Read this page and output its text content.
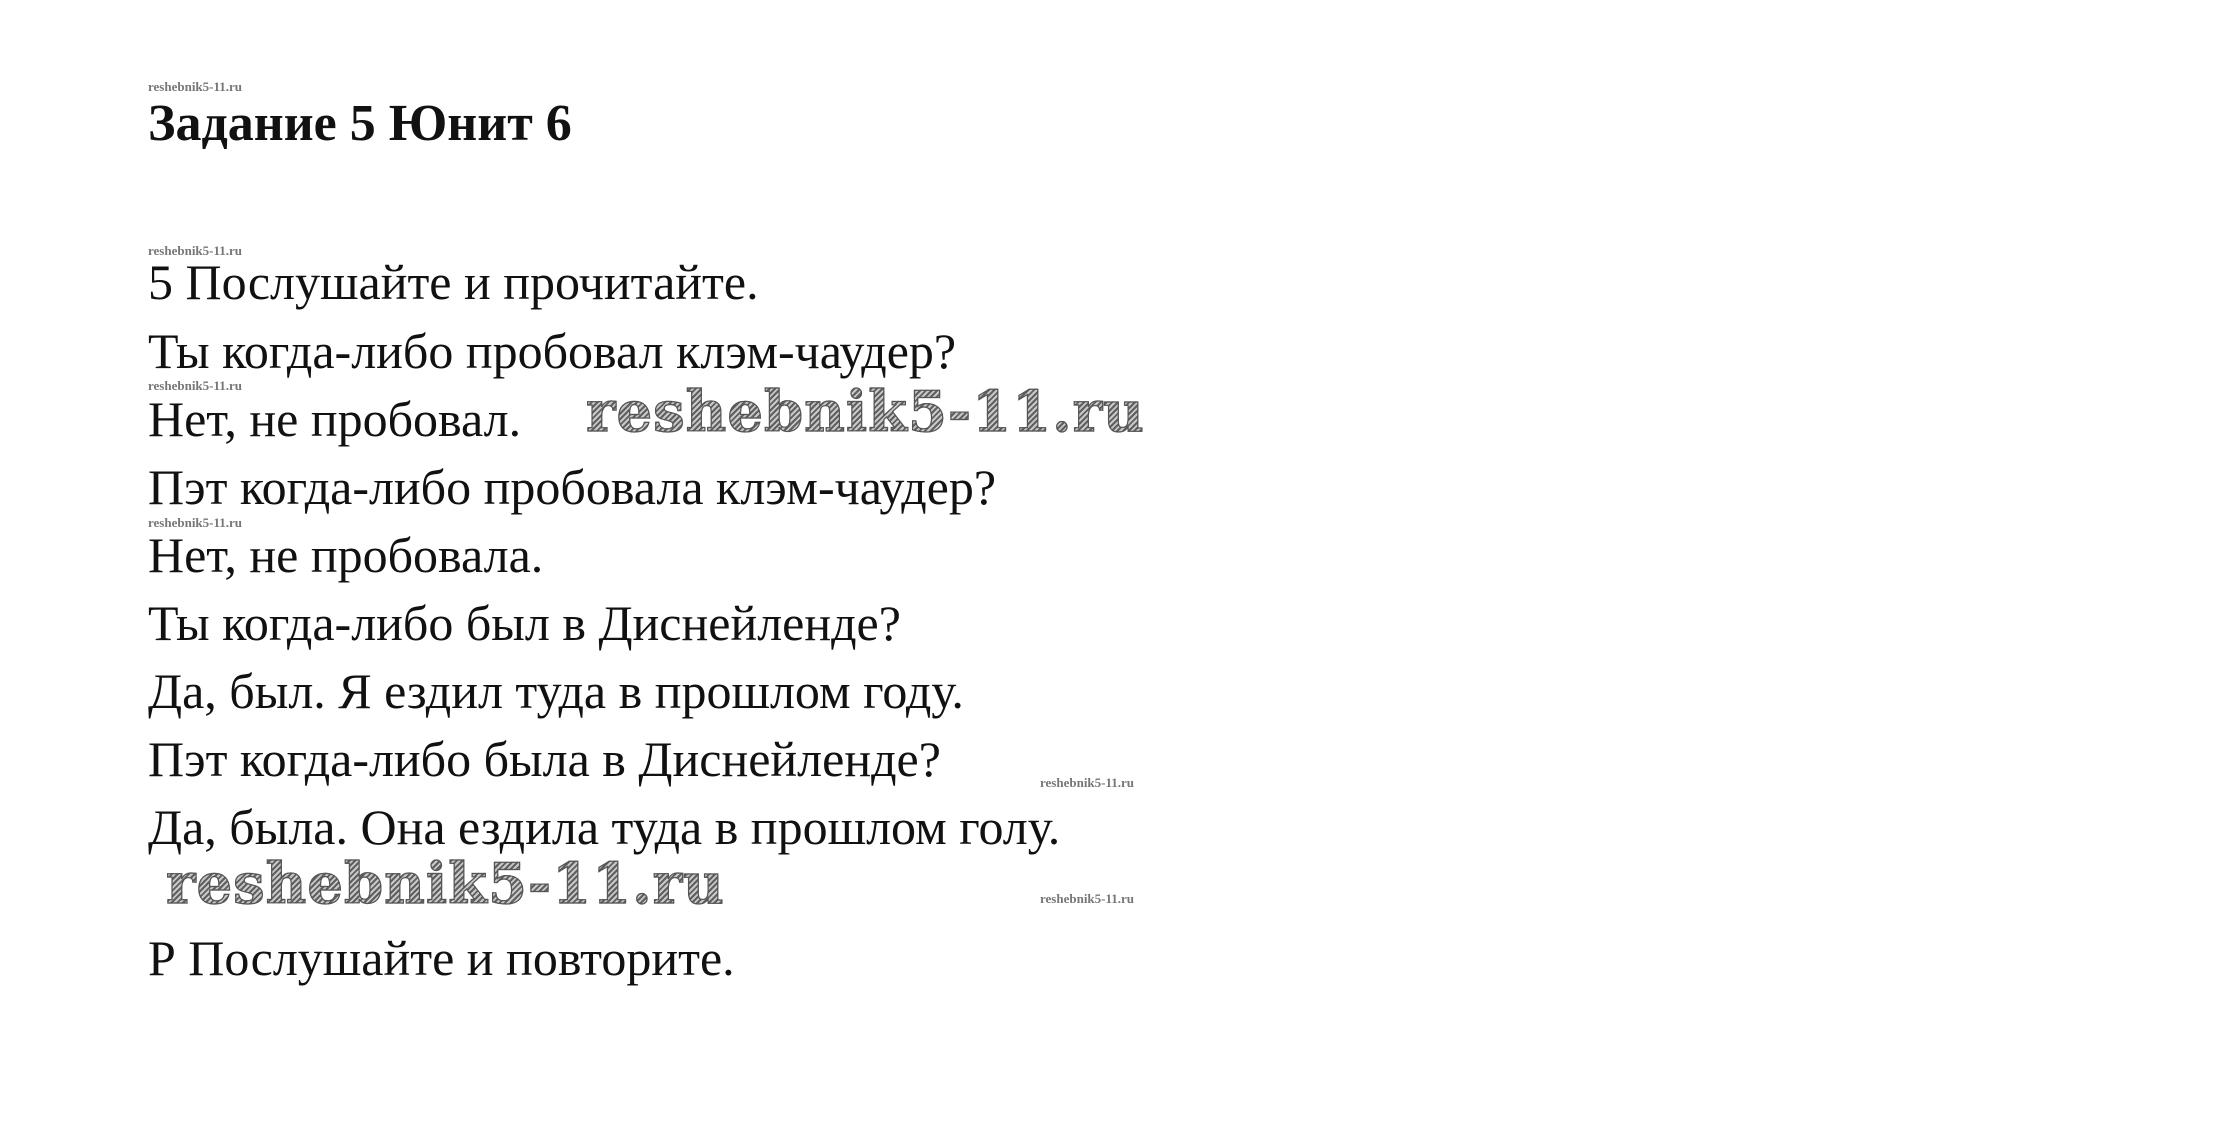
Задание 5 Юнит 6
reshebnik5-11.ru
reshebnik5-11.ru
5 Послушайте и прочитайте.
Ты когда-либо пробовал клэм-чаудер?
reshebnik5-11.ru
Нет, не пробовал. reshebnik5-11.ru
Пэт когда-либо пробовала клэм-чаудер?
reshebnik5-11.ru
Нет, не пробовала.
Ты когда-либо был в Диснейленде?
Да, был. Я ездил туда в прошлом году.
Пэт когда-либо была в Диснейленде?	reshebnik5-11.ru
Да, была. Она ездила туда в прошлом голу.
reshebnik5-11.ru	reshebnik5-11.ru
Р Послушайте и повторите.
